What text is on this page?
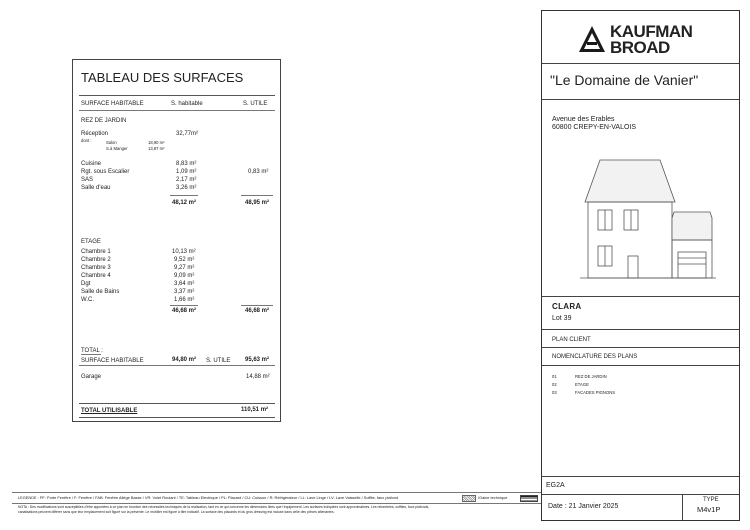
TABLEAU DES SURFACES
SURFACE HABITABLE	S. habitable	S. UTILE
REZ DE JARDIN
Réception	32,77m²
dont :	Salon	18,90 m²
S.à Manger	13,87 m²
Cuisine	8,83 m²
Rgt. sous Escalier	1,09 m²	0,83 m²
SAS	2,17 m²
Salle d'eau	3,26 m²
48,12 m²	48,95 m²
ETAGE
Chambre 1	10,13 m²
Chambre 2	9,52 m²
Chambre 3	9,27 m²
Chambre 4	9,09 m²
Dgt	3,64 m²
Salle de Bains	3,37 m²
W.C.	1,66 m²
46,68 m²	46,68 m²
TOTAL :
SURFACE HABITABLE	94,80 m² S. UTILE 95,63 m²
Garage	14,88 m²
TOTAL UTILISABLE	110,51 m²
KAUFMAN
BROAD
"Le Domaine de Vanier"
Avenue des Erables
60800 CREPY-EN-VALOIS
CLARA
Lot 39
PLAN CLIENT
NOMENCLATURE DES PLANS
01	REZ DE JARDIN
02	ETAGE
03	FACADES PIGNONS
EG2A
Date : 21 Janvier 2025
TYPE
M4v1P
LEGENDE : PF: Porte Fenêtre / F: Fenêtre / FAB: Fenêtre Allège Basse / VR: Volet Roulant / TE: Tableau Electrique / PL: Placard / CU: Cuisson / R: Réfrigérateur / LL: Lave Linge / LV: Lave Vaisselle / Soffite, faux plafond	/Gaine technique
NOTA : Des modifications sont susceptibles d'être apportées à ce plan en fonction des nécessités techniques de la réalisation, tant en ce qui concerne les dimensions liées que l'équipement. Les surfaces indiquées sont approximatives. Les retombées, soffites, faux plafonds,
canalisations peuvent différer sans que leur emplacement soit figuré sur la présente. Le mobilier est figuré à titre indicatif. La surface des placards et du gros dressing est incluse dans celle des pièces attenantes.
